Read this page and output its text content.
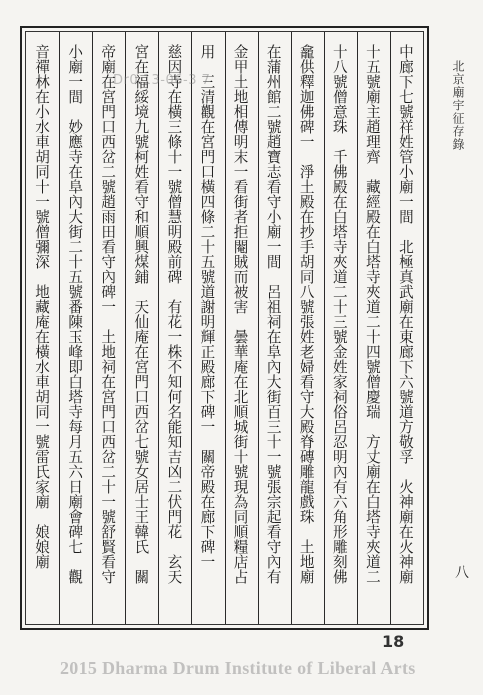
北京廟宇征存錄
中廊下七號祥姓管小廟一間　北極真武廟在東廊下六號道方敬孚　火神廟在火神廟
十五號廟主趙理齊　藏經殿在白塔寺夾道二十四號僧慶瑞　方丈廟在白塔寺夾道二
十八號僧意珠　千佛殿在白塔寺夾道二十三號金姓家祠俗呂忍明內有六角形雕刻佛
龕供釋迦佛碑一　淨土殿在抄手胡同八號張姓老婦看守大殿脊磚雕龍戲珠　土地廟
在蒲州館二號趙寶志看守小廟一間　呂祖祠在阜內大街百三十一號張宗起看守內有
金甲土地相傳明末一看街者拒閹賊而被害　曇華庵在北順城街十號現為同順糧店占
用　三清觀在宮門口橫四條二十五號道謝明輝正殿廊下碑一　關帝殿在廊下碑一
慈因寺在橫三條十一號僧慧明殿前碑　有花一株不知何名能知吉凶二伏門花　玄天
宮在福綏境九號柯姓看守和順興煤鋪　天仙庵在宮門口西岔七號女居士王韓氏　關
帝廟在宮門口西岔二號趙雨田看守內碑一　土地祠在宮門口西岔二十一號舒賢看守
小廟一間　妙應寺在阜內大街二十五號番陳玉峰即白塔寺每月五六日廟會碑七　觀
音禪林在小水車胡同十一號僧彌深　地藏庵在橫水車胡同一號雷氏家廟　娘娘廟	Dr0 13-06-3 7
八
18
2015 Dharma Drum Institute of Liberal Arts
